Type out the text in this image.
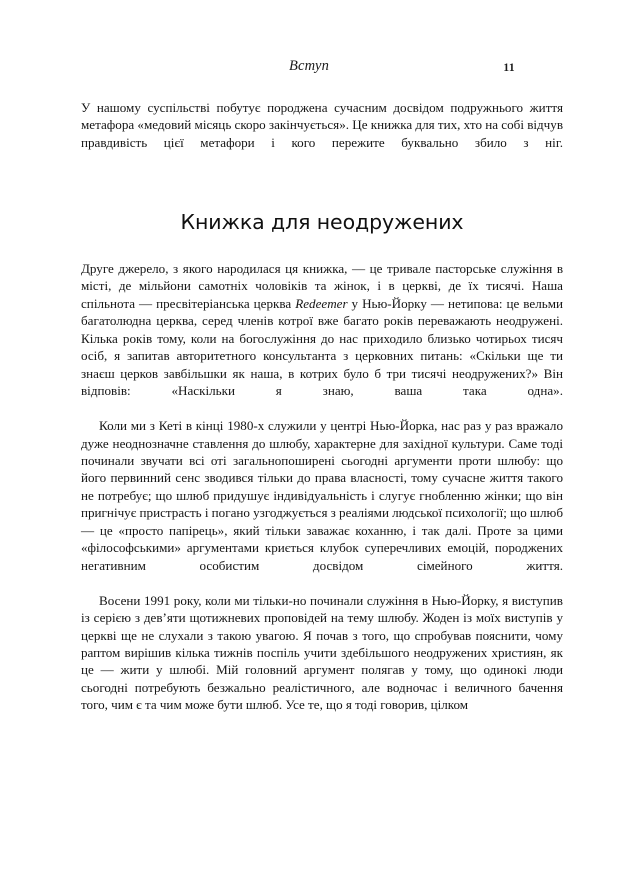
Вступ	11

У нашому суспільстві побутує породжена сучасним досвідом подружнього життя метафора «медовий місяць скоро закінчується». Це книжка для тих, хто на собі відчув правдивість цієї метафори і кого пережите буквально збило з ніг.

Книжка для неодружених

Друге джерело, з якого народилася ця книжка, — це тривале пасторське служіння в місті, де мільйони самотніх чоловіків та жінок, і в церкві, де їх тисячі. Наша спільнота — пресвітеріанська церква Redeemer у Нью-Йорку — нетипова: це вельми багатолюдна церква, серед членів котрої вже багато років переважають неодружені. Кілька років тому, коли на богослужіння до нас приходило близько чотирьох тисяч осіб, я запитав авторитетного консультанта з церковних питань: «Скільки ще ти знаєш церков завбільшки як наша, в котрих було б три тисячі неодружених?» Він відповів: «Наскільки я знаю, ваша така одна».

Коли ми з Кеті в кінці 1980-х служили у центрі Нью-Йорка, нас раз у раз вражало дуже неоднозначне ставлення до шлюбу, характерне для західної культури. Саме тоді починали звучати всі оті загальнопоширені сьогодні аргументи проти шлюбу: що його первинний сенс зводився тільки до права власності, тому сучасне життя такого не потребує; що шлюб придушує індивідуальність і слугує гнобленню жінки; що він пригнічує пристрасть і погано узгоджується з реаліями людської психології; що шлюб — це «просто папірець», який тільки заважає коханню, і так далі. Проте за цими «філософськими» аргументами криється клубок суперечливих емоцій, породжених негативним особистим досвідом сімейного життя.

Восени 1991 року, коли ми тільки-но починали служіння в Нью-Йорку, я виступив із серією з дев’яти щотижневих проповідей на тему шлюбу. Жоден із моїх виступів у церкві ще не слухали з такою увагою. Я почав з того, що спробував пояснити, чому раптом вирішив кілька тижнів поспіль учити здебільшого неодружених християн, як це — жити у шлюбі. Мій головний аргумент полягав у тому, що одинокі люди сьогодні потребують безжально реалістичного, але водночас і величного бачення того, чим є та чим може бути шлюб. Усе те, що я тоді говорив, цілком
